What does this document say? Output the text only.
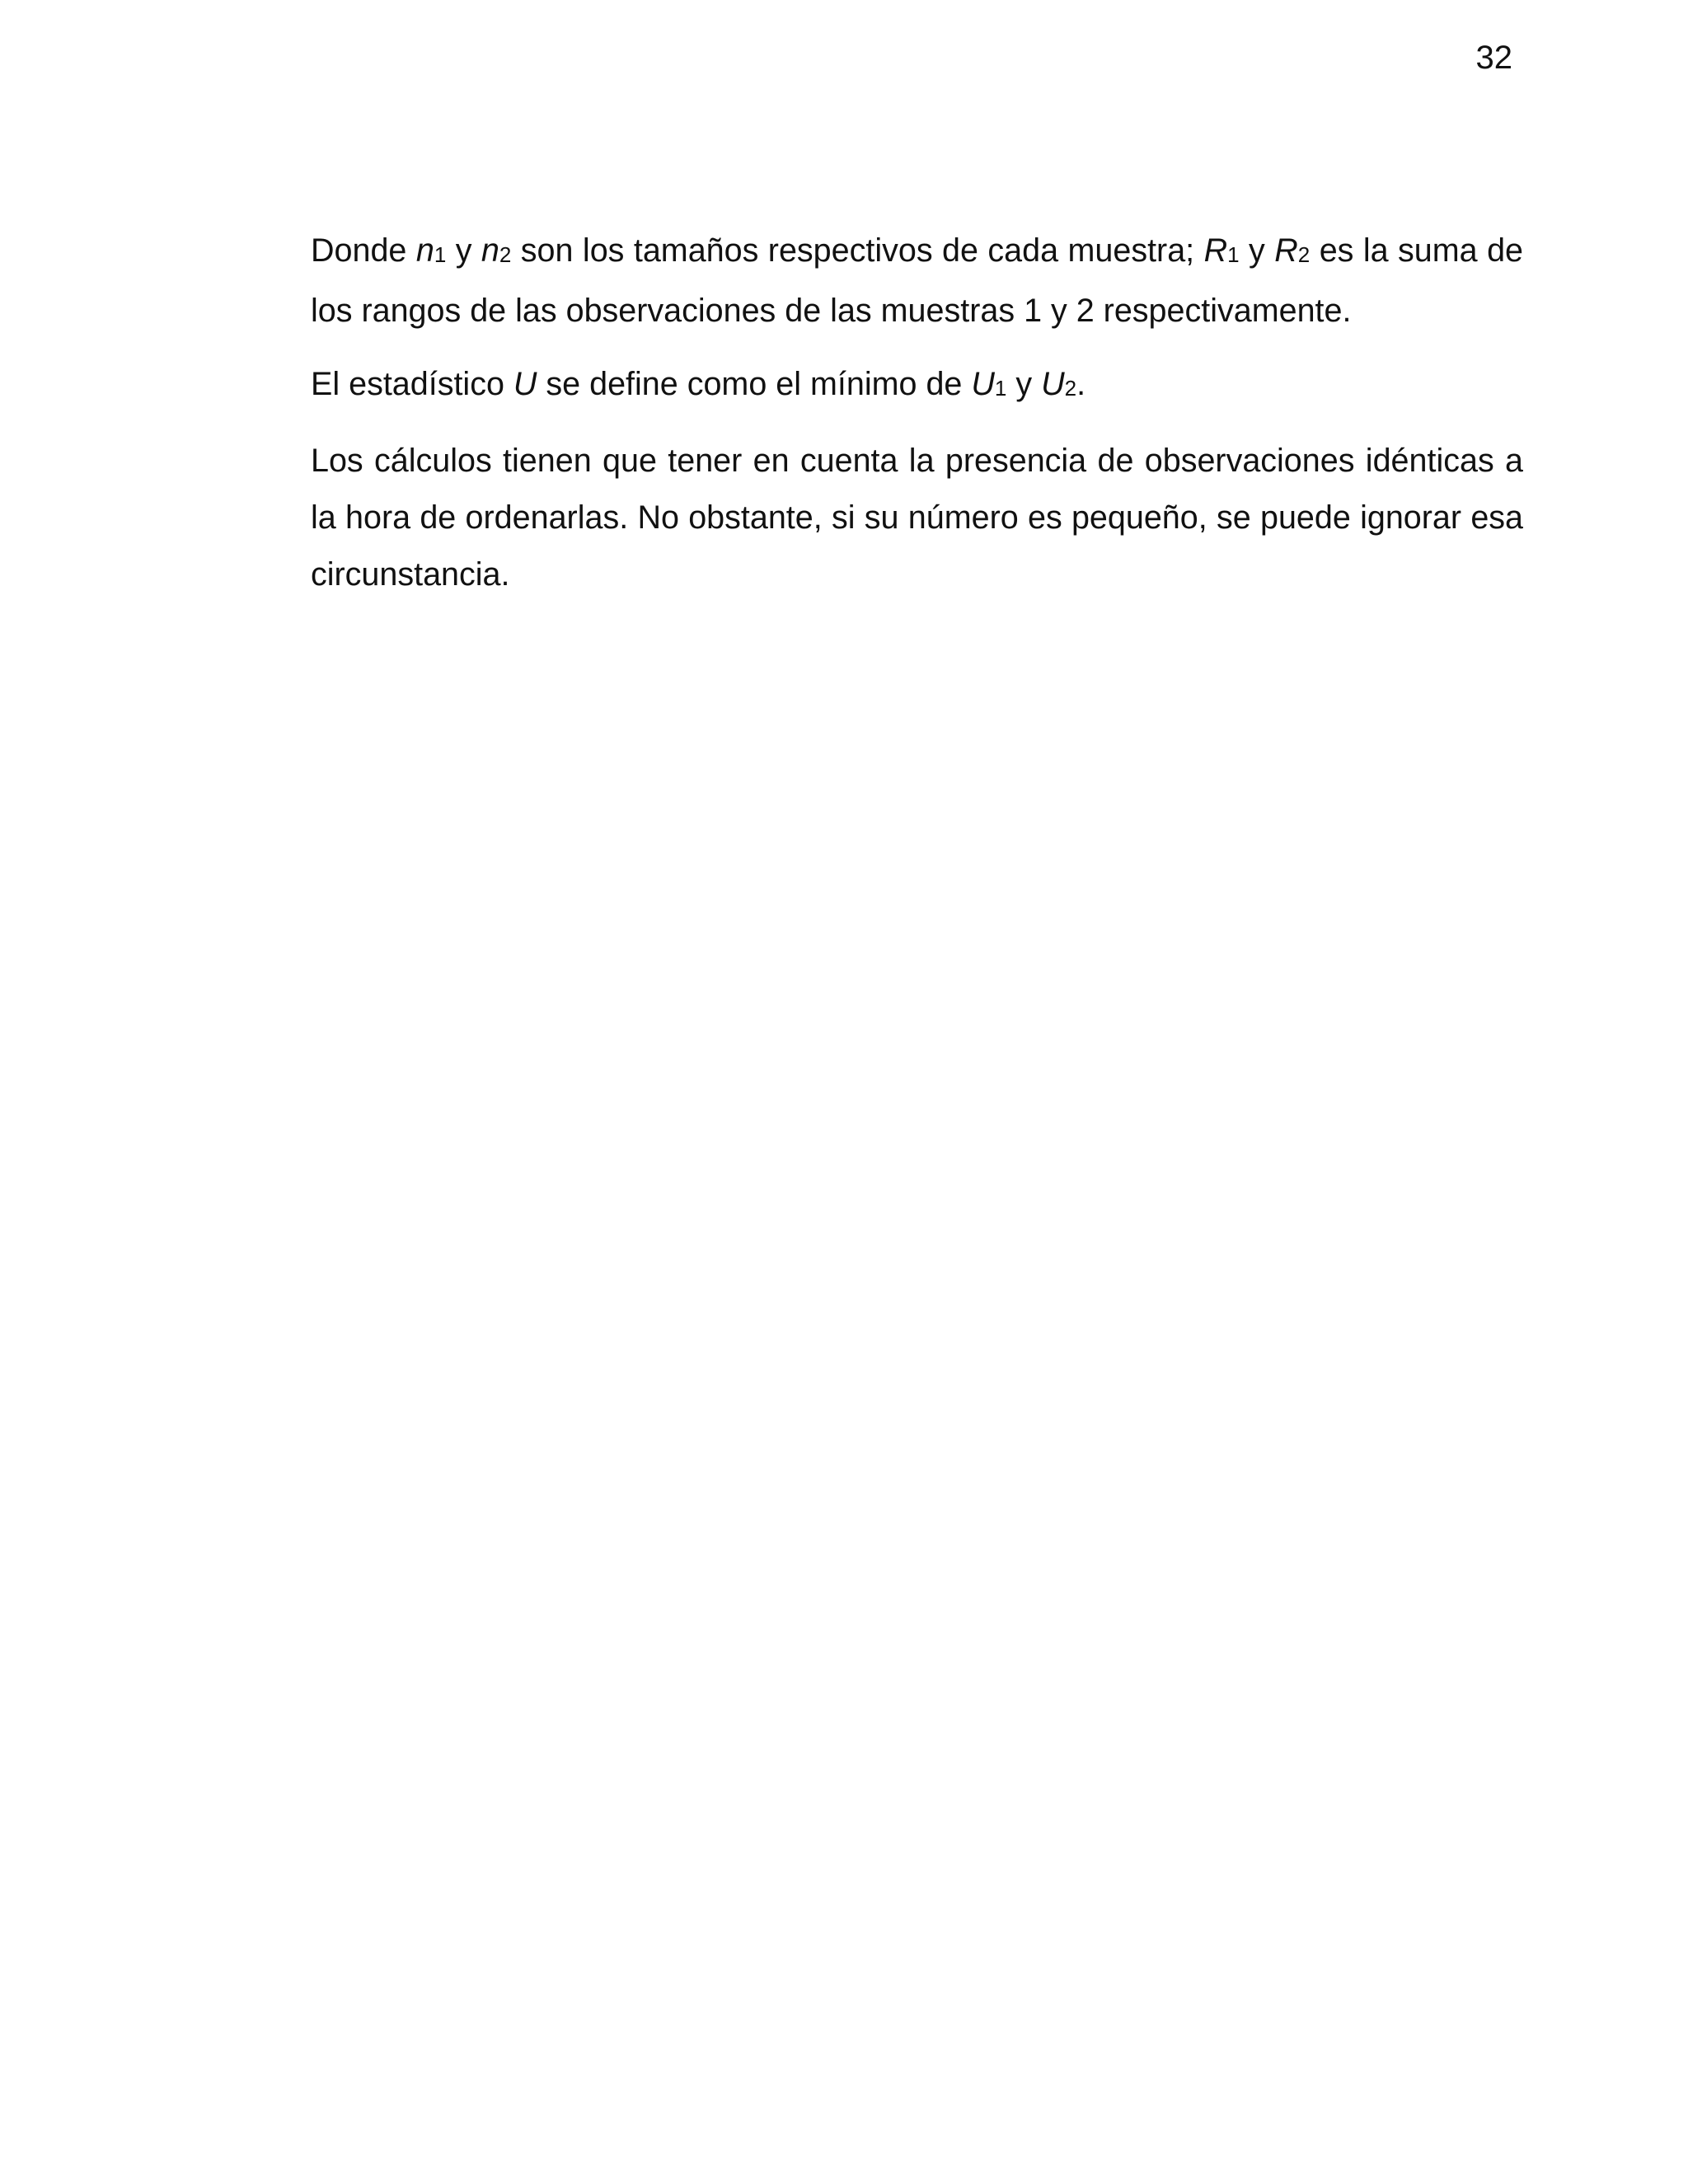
32

Donde $n_1$ y $n_2$ son los tamaños respectivos de cada muestra; $R_1$ y $R_2$ es la suma de los rangos de las observaciones de las muestras 1 y 2 respectivamente.

El estadístico U se define como el mínimo de $U_1$ y $U_2$.

Los cálculos tienen que tener en cuenta la presencia de observaciones idénticas a la hora de ordenarlas. No obstante, si su número es pequeño, se puede ignorar esa circunstancia.
